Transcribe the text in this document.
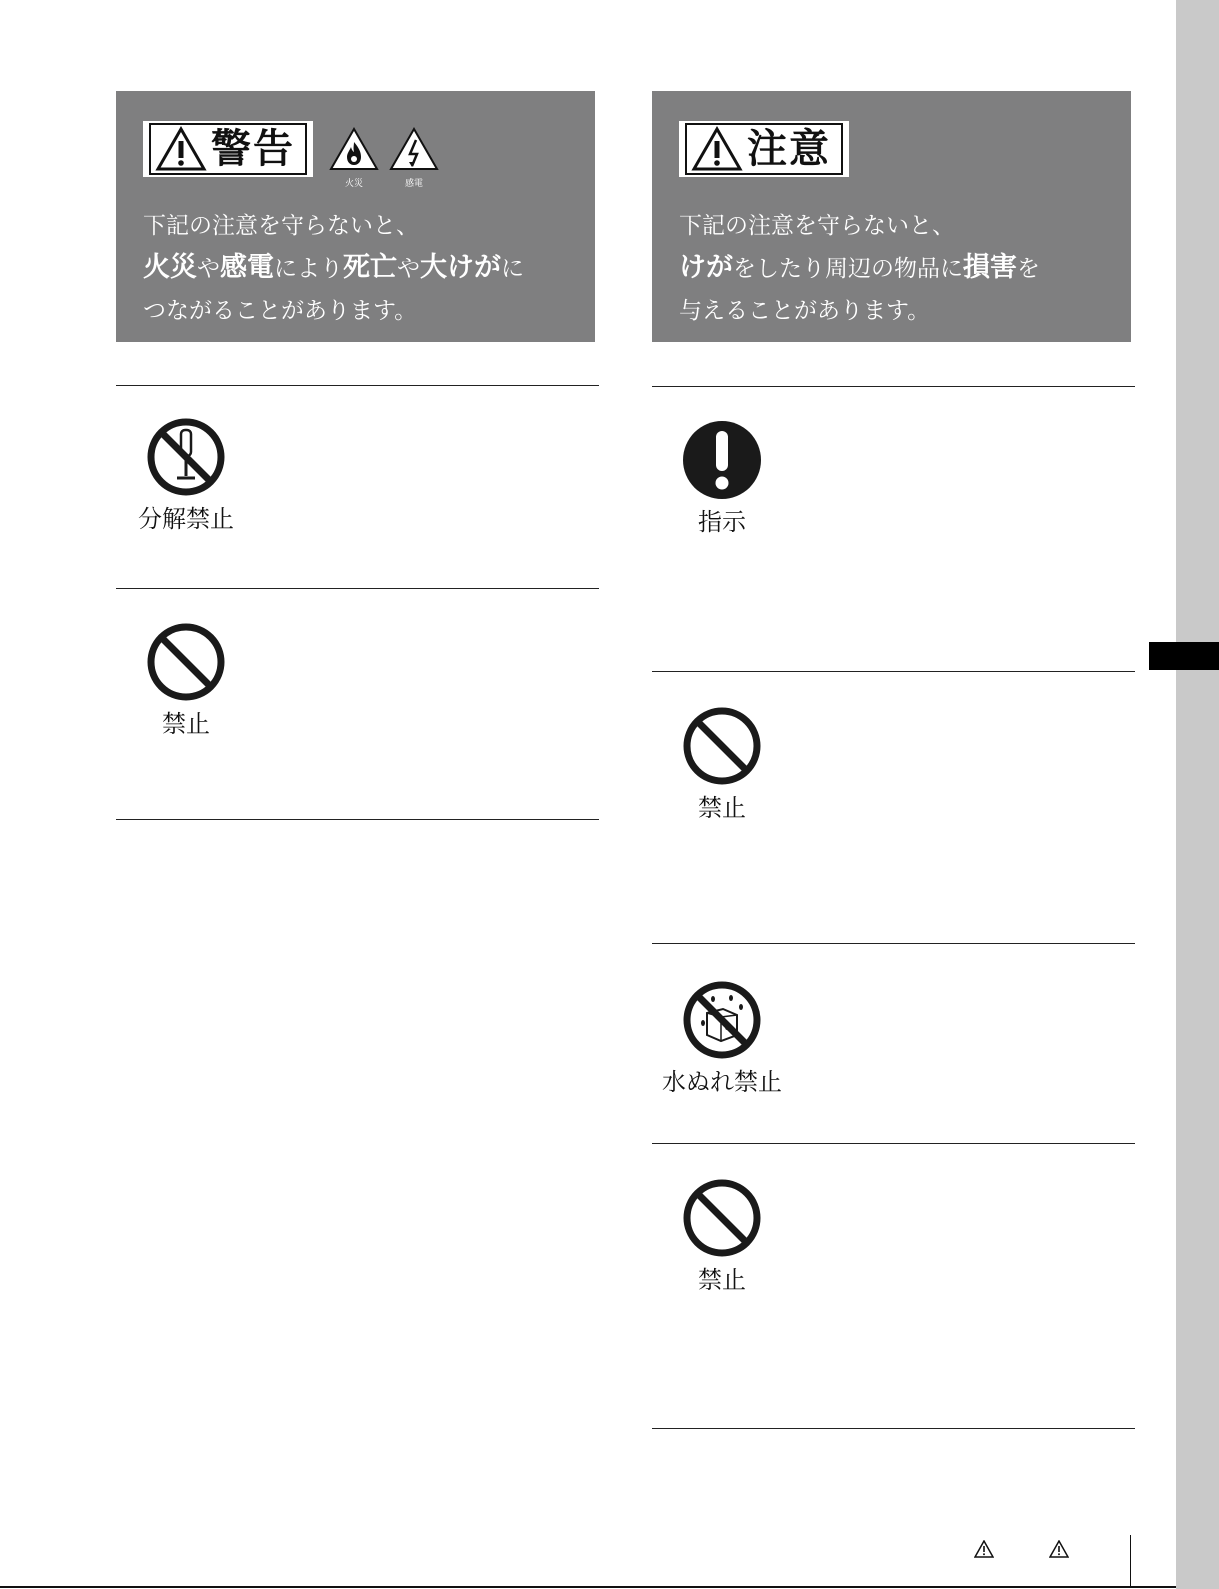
警告
火災	感電
下記の注意を守らないと、
火災や感電により死亡や大けがに
つながることがあります。
注意
下記の注意を守らないと、
けがをしたり周辺の物品に損害を
与えることがあります。
分解禁止
禁止
指示
禁止
水ぬれ禁止
禁止
